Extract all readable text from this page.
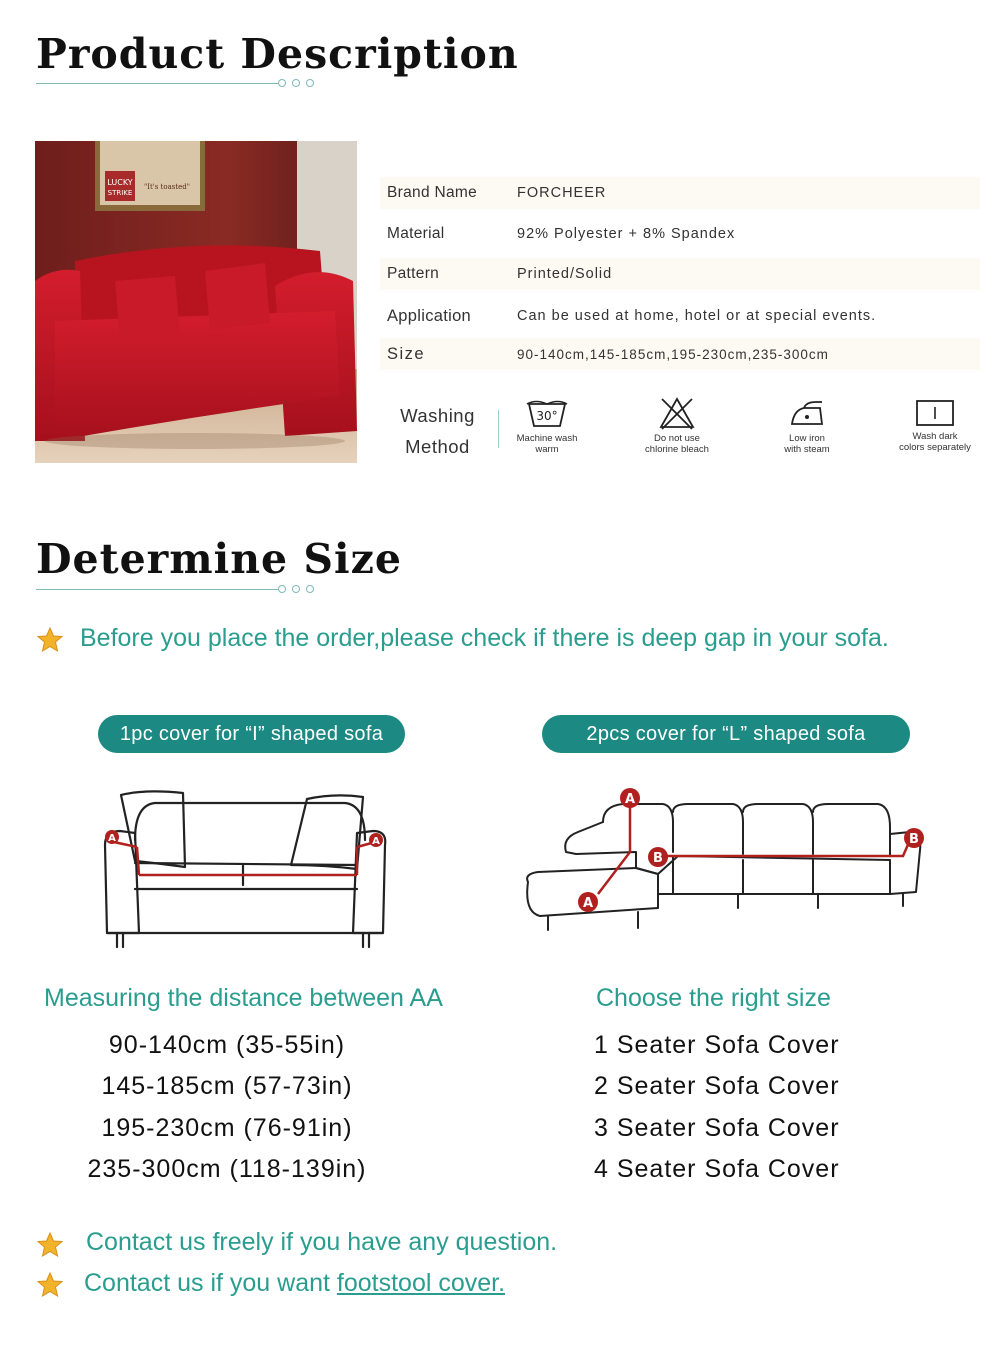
Product Description
LUCKY
STRIKE
"It's toasted"	Brand Name	FORCHEER
Material	92% Polyester + 8% Spandex
Pattern	Printed/Solid
Application	Can be used at home, hotel or at special events.
Size	90-140cm,145-185cm,195-230cm,235-300cm
Washing
Method
30°
Machine wash
warm
Do not use
chlorine bleach
Low iron
with steam
Wash dark
colors separately
Determine Size
Before you place the order,please check if there is deep gap in your sofa.
1pc cover for “I” shaped sofa	2pcs cover for “L” shaped sofa
A	A
A
A
B
B
Measuring the distance between AA	Choose the right size
90-140cm (35-55in)
145-185cm (57-73in)
195-230cm (76-91in)
235-300cm (118-139in)
1 Seater Sofa Cover
2 Seater Sofa Cover
3 Seater Sofa Cover
4 Seater Sofa Cover
Contact us freely if you have any question.
Contact us if you want footstool cover.
